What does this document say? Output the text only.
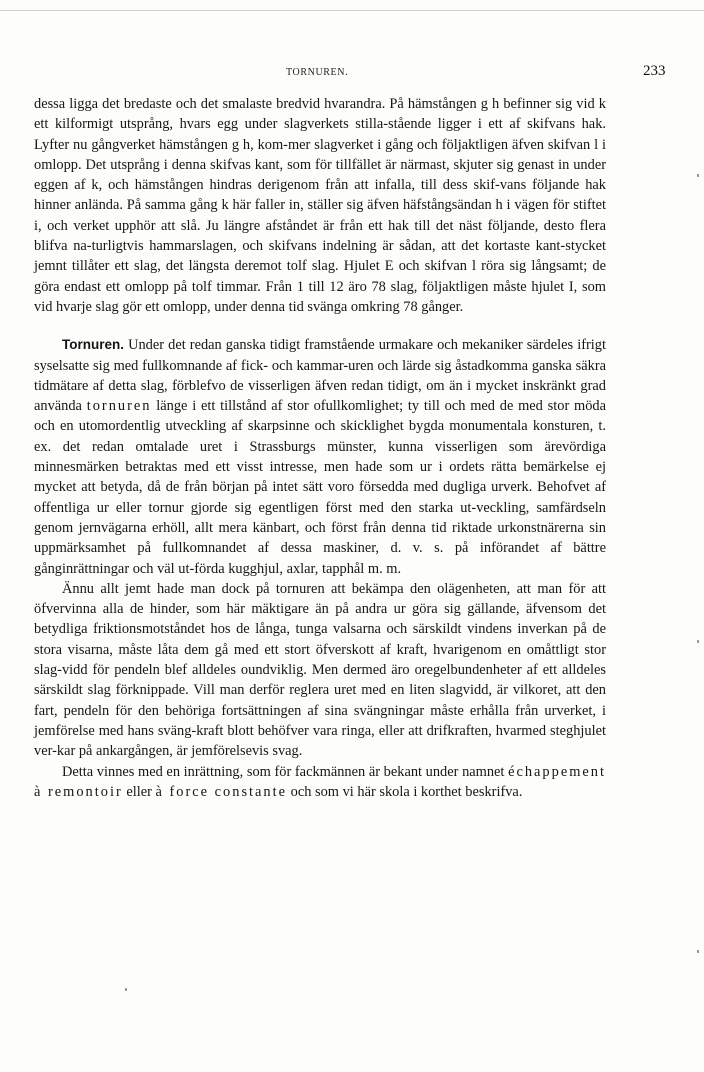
TORNUREN.	233

dessa ligga det bredaste och det smalaste bredvid hvarandra. På hämstången g h befinner sig vid k ett kilformigt utsprång, hvars egg under slagverkets stilla-stående ligger i ett af skifvans hak. Lyfter nu gångverket hämstången g h, kom-mer slagverket i gång och följaktligen äfven skifvan l i omlopp. Det utsprång i denna skifvas kant, som för tillfället är närmast, skjuter sig genast in under eggen af k, och hämstången hindras derigenom från att infalla, till dess skif-vans följande hak hinner anlända. På samma gång k här faller in, ställer sig äfven häfstångsändan h i vägen för stiftet i, och verket upphör att slå. Ju längre afståndet är från ett hak till det näst följande, desto flera blifva na-turligtvis hammarslagen, och skifvans indelning är sådan, att det kortaste kant-stycket jemnt tillåter ett slag, det längsta deremot tolf slag. Hjulet E och skifvan l röra sig långsamt; de göra endast ett omlopp på tolf timmar. Från 1 till 12 äro 78 slag, följaktligen måste hjulet I, som vid hvarje slag gör ett omlopp, under denna tid svänga omkring 78 gånger.

Tornuren. Under det redan ganska tidigt framstående urmakare och mekaniker särdeles ifrigt syselsatte sig med fullkomnande af fick- och kammar-uren och lärde sig åstadkomma ganska säkra tidmätare af detta slag, förblefvo de visserligen äfven redan tidigt, om än i mycket inskränkt grad använda tornuren länge i ett tillstånd af stor ofullkomlighet; ty till och med de med stor möda och en utomordentlig utveckling af skarpsinne och skicklighet bygda monumentala konsturen, t. ex. det redan omtalade uret i Strassburgs münster, kunna visserligen som ärevördiga minnesmärken betraktas med ett visst intresse, men hade som ur i ordets rätta bemärkelse ej mycket att betyda, då de från början på intet sätt voro försedda med dugliga urverk. Behofvet af offentliga ur eller tornur gjorde sig egentligen först med den starka ut-veckling, samfärdseln genom jernvägarna erhöll, allt mera känbart, och först från denna tid riktade urkonstnärerna sin uppmärksamhet på fullkomnandet af dessa maskiner, d. v. s. på införandet af bättre gånginrättningar och väl ut-förda kugghjul, axlar, tapphål m. m.

Ännu allt jemt hade man dock på tornuren att bekämpa den olägenheten, att man för att öfvervinna alla de hinder, som här mäktigare än på andra ur göra sig gällande, äfvensom det betydliga friktionsmotståndet hos de långa, tunga valsarna och särskildt vindens inverkan på de stora visarna, måste låta dem gå med ett stort öfverskott af kraft, hvarigenom en omåttligt stor slag-vidd för pendeln blef alldeles oundviklig. Men dermed äro oregelbundenheter af ett alldeles särskildt slag förknippade. Vill man derför reglera uret med en liten slagvidd, är vilkoret, att den fart, pendeln för den behöriga fortsättningen af sina svängningar måste erhålla från urverket, i jemförelse med hans sväng-kraft blott behöfver vara ringa, eller att drifkraften, hvarmed steghjulet ver-kar på ankargången, är jemförelsevis svag.

Detta vinnes med en inrättning, som för fackmännen är bekant under namnet échappement à remontoir eller à force constante och som vi här skola i korthet beskrifva.
